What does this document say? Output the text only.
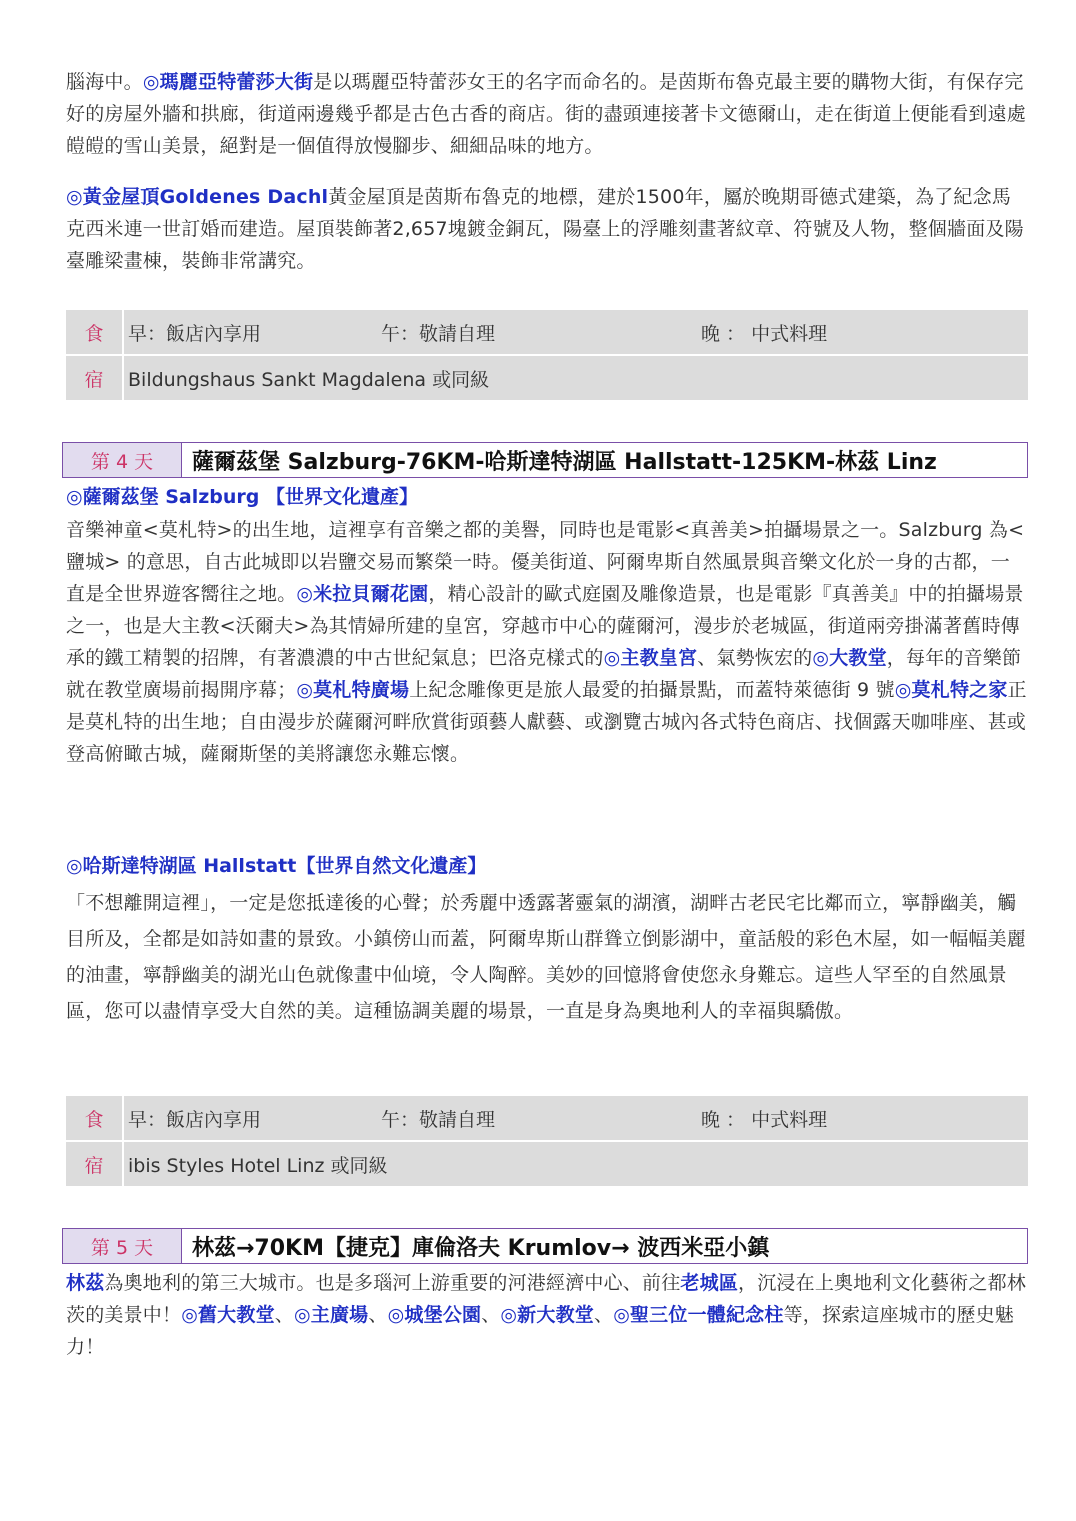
腦海中。◎瑪麗亞特蕾莎大街是以瑪麗亞特蕾莎女王的名字而命名的。是茵斯布魯克最主要的購物大街，有保存完好的房屋外牆和拱廊，街道兩邊幾乎都是古色古香的商店。街的盡頭連接著卡文德爾山，走在街道上便能看到遠處皚皚的雪山美景，絕對是一個值得放慢腳步、細細品味的地方。

◎黃金屋頂Goldenes Dachl黃金屋頂是茵斯布魯克的地標，建於1500年，屬於晚期哥德式建築，為了紀念馬克西米連一世訂婚而建造。屋頂裝飾著2,657塊鍍金銅瓦，陽臺上的浮雕刻畫著紋章、符號及人物，整個牆面及陽臺雕梁畫棟，裝飾非常講究。

食	早：飯店內享用	午：敬請自理	晚 ： 中式料理
宿	Bildungshaus Sankt Magdalena 或同級		
第 4 天	薩爾茲堡 Salzburg-76KM-哈斯達特湖區 Hallstatt-125KM-林茲 Linz

◎薩爾茲堡 Salzburg 【世界文化遺產】

音樂神童<莫札特>的出生地，這裡享有音樂之都的美譽，同時也是電影<真善美>拍攝場景之一。Salzburg 為<鹽城> 的意思，自古此城即以岩鹽交易而繁榮一時。優美街道、阿爾卑斯自然風景與音樂文化於一身的古都，一直是全世界遊客嚮往之地。◎米拉貝爾花園，精心設計的歐式庭園及雕像造景，也是電影『真善美』中的拍攝場景之一，也是大主教<沃爾夫>為其情婦所建的皇宮，穿越市中心的薩爾河，漫步於老城區，街道兩旁掛滿著舊時傳承的鐵工精製的招牌，有著濃濃的中古世紀氣息；巴洛克樣式的◎主教皇宮、氣勢恢宏的◎大教堂，每年的音樂節就在教堂廣場前揭開序幕；◎莫札特廣場上紀念雕像更是旅人最愛的拍攝景點，而蓋特萊德街 9 號◎莫札特之家正是莫札特的出生地；自由漫步於薩爾河畔欣賞街頭藝人獻藝、或瀏覽古城內各式特色商店、找個露天咖啡座、甚或登高俯瞰古城，薩爾斯堡的美將讓您永難忘懷。

◎哈斯達特湖區 Hallstatt【世界自然文化遺產】

「不想離開這裡」，一定是您抵達後的心聲；於秀麗中透露著靈氣的湖濱，湖畔古老民宅比鄰而立，寧靜幽美，觸目所及，全都是如詩如畫的景致。小鎮傍山而蓋，阿爾卑斯山群聳立倒影湖中，童話般的彩色木屋，如一幅幅美麗的油畫，寧靜幽美的湖光山色就像畫中仙境，令人陶醉。美妙的回憶將會使您永身難忘。這些人罕至的自然風景區，您可以盡情享受大自然的美。這種協調美麗的場景，一直是身為奧地利人的幸福與驕傲。

食	早：飯店內享用	午：敬請自理	晚 ： 中式料理
宿	ibis Styles Hotel Linz 或同級		
第 5 天	林茲→70KM【捷克】庫倫洛夫 Krumlov→ 波西米亞小鎮

林茲為奧地利的第三大城市。也是多瑙河上游重要的河港經濟中心、前往老城區，沉浸在上奧地利文化藝術之都林茨的美景中！◎舊大教堂、◎主廣場、◎城堡公園、◎新大教堂、◎聖三位一體紀念柱等，探索這座城市的歷史魅力！
